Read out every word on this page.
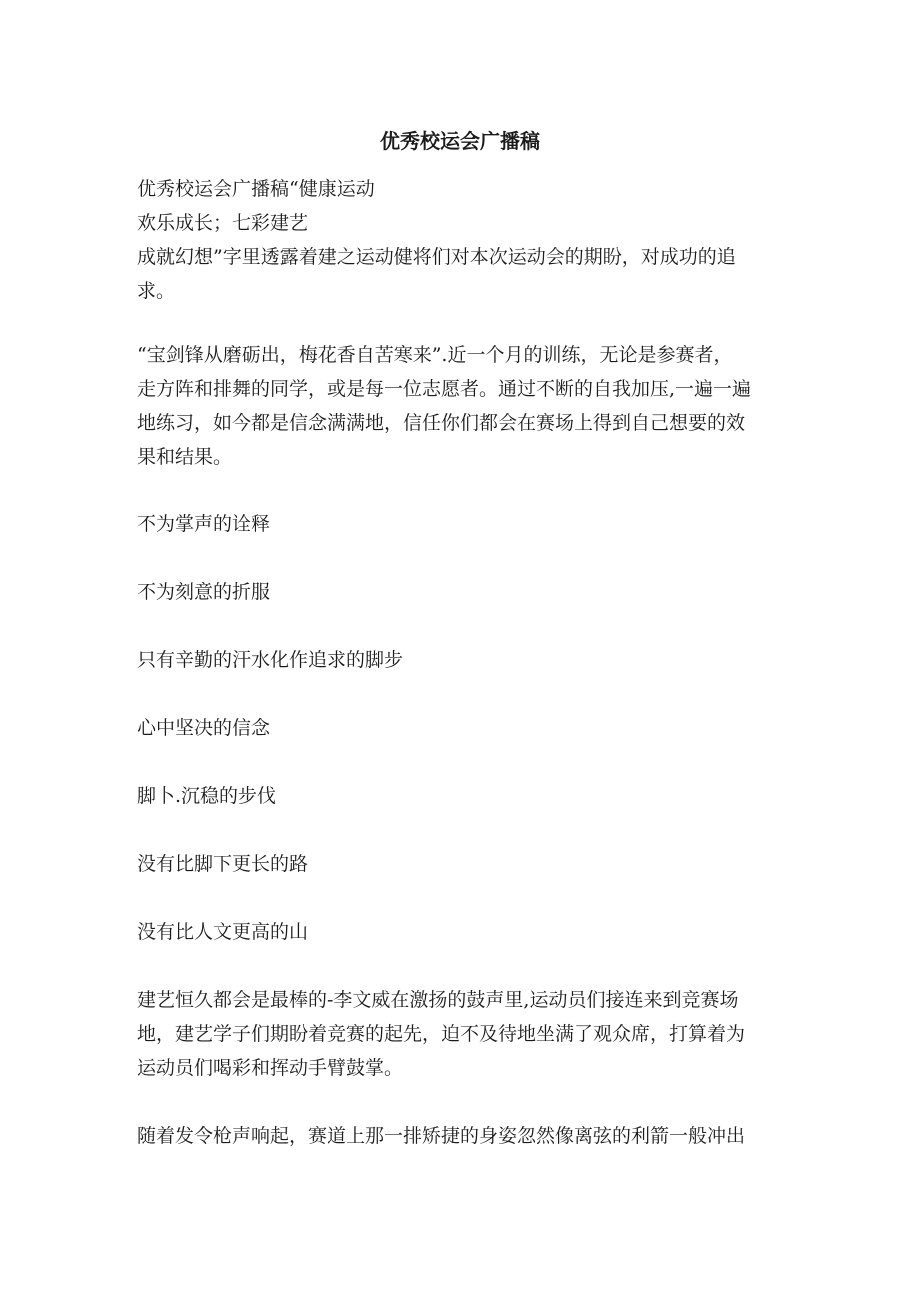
优秀校运会广播稿

优秀校运会广播稿“健康运动
欢乐成长；七彩建艺
成就幻想”字里透露着建之运动健将们对本次运动会的期盼，对成功的追
求。

“宝剑锋从磨砺出，梅花香自苦寒来”.近一个月的训练，无论是参赛者，
走方阵和排舞的同学，或是每一位志愿者。通过不断的自我加压,一遍一遍
地练习，如今都是信念满满地，信任你们都会在赛场上得到自己想要的效
果和结果。

不为掌声的诠释

不为刻意的折服

只有辛勤的汗水化作追求的脚步

心中坚决的信念

脚卜.沉稳的步伐

没有比脚下更长的路

没有比人文更高的山

建艺恒久都会是最棒的-李文威在激扬的鼓声里,运动员们接连来到竞赛场
地，建艺学子们期盼着竞赛的起先，迫不及待地坐满了观众席，打算着为
运动员们喝彩和挥动手臂鼓掌。

随着发令枪声响起，赛道上那一排矫捷的身姿忽然像离弦的利箭一般冲出
